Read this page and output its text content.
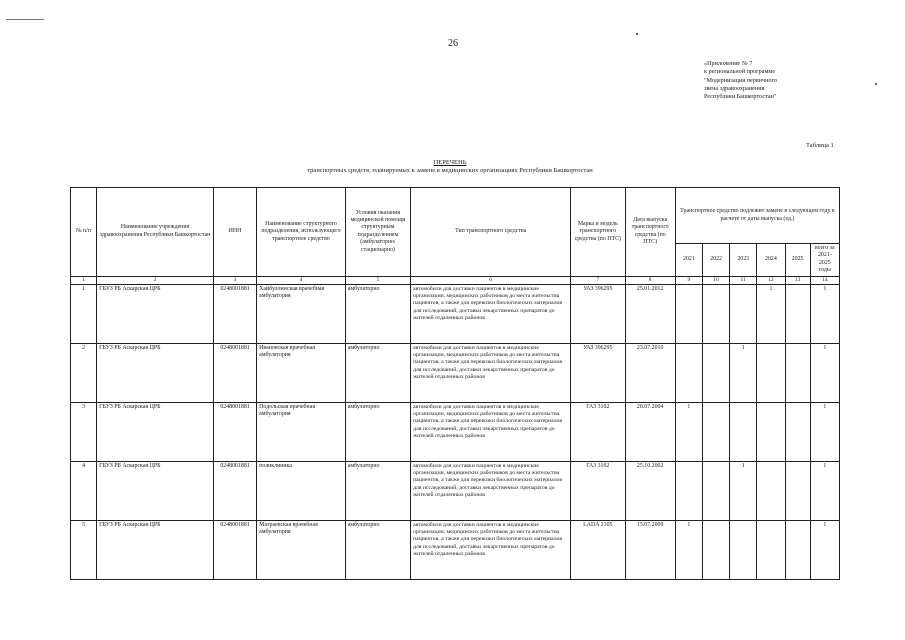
26
«Приложение № 7
к региональной программе
"Модернизация первичного
звена здравоохранения
Республики Башкортостан"
Таблица 1
ПЕРЕЧЕНЬ
транспортных средств, планируемых к замене в медицинских организациях Республики Башкортостан
№ п/п	Наименование учреждения здравоохранения Республики Башкортостан	ИНН	Наименование структурного подразделения, использующего транспортное средство	Условия оказания медицинской помощи структурным подразделением (амбулаторно/ стационарно)	Тип транспортного средства	Марка и модель транспортного средства (по ПТС)	Дата выпуска транспортного средства (по ПТС)	Транспортное средство подлежит замене в следующем году в расчете от даты выпуска (ед.)					
								2021	2022	2023	2024	2025	всего за 2021-2025 годы
1	2	3	4	5	6	7	8	9	10	11	12	13	14
1	ГБУЗ РБ Аскарская ЦРБ	0248001881	Хайбуллинская врачебная амбулатория	амбулаторно	автомобили для доставки пациентов в медицинские организации, медицинских работников до места жительства пациентов, а также для перевозки биологических материалов для исследований, доставки лекарственных препаратов до жителей отдаленных районов	УАЗ 396295	25.01.2012				1		1
2	ГБУЗ РБ Аскарская ЦРБ	0248001881	Ивановская врачебная амбулатория	амбулаторно	автомобили для доставки пациентов в медицинские организации, медицинских работников до места жительства пациентов, а также для перевозки биологических материалов для исследований, доставки лекарственных препаратов до жителей отдаленных районов	УАЗ 396295	23.07.2010			1			1
3	ГБУЗ РБ Аскарская ЦРБ	0248001881	Подольская врачебная амбулатория	амбулаторно	автомобили для доставки пациентов в медицинские организации, медицинских работников до места жительства пациентов, а также для перевозки биологических материалов для исследований, доставки лекарственных препаратов до жителей отдаленных районов	ГАЗ 3102	28.07.2004	1					1
4	ГБУЗ РБ Аскарская ЦРБ	0248001881	поликлиника	амбулаторно	автомобили для доставки пациентов в медицинские организации, медицинских работников до места жительства пациентов, а также для перевозки биологических материалов для исследований, доставки лекарственных препаратов до жителей отдаленных районов	ГАЗ 3102	25.10.2002			1			1
5	ГБУЗ РБ Аскарская ЦРБ	0248001881	Матраевская врачебная амбулатория	амбулаторно	автомобили для доставки пациентов в медицинские организации, медицинских работников до места жительства пациентов, а также для перевозки биологических материалов для исследований, доставки лекарственных препаратов до жителей отдаленных районов	LADA 2105	15.07.2009	1					1
